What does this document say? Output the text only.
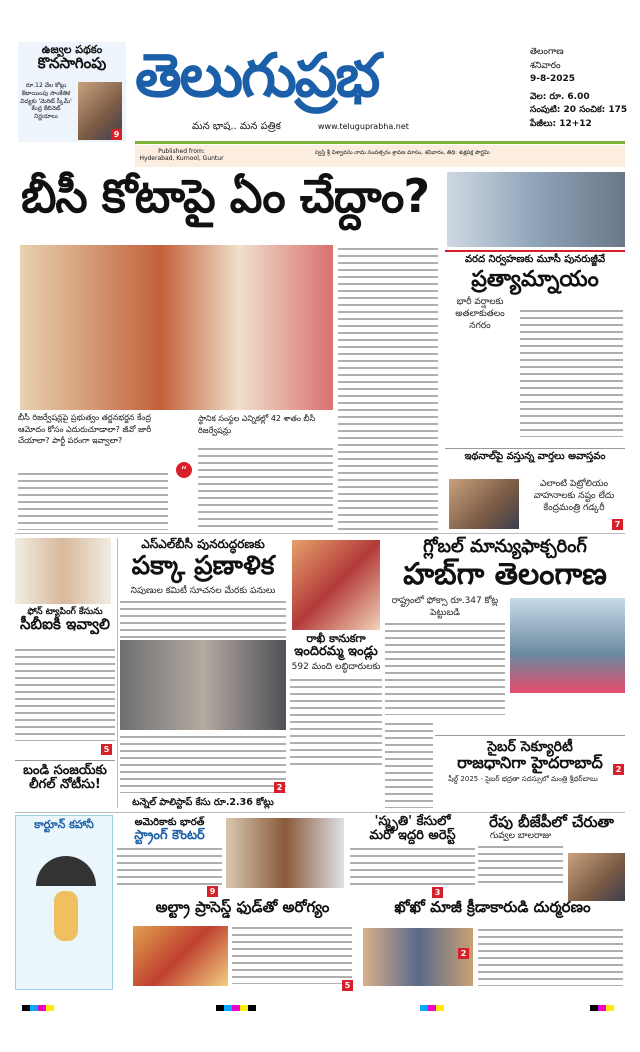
ఉజ్వల పథకం
కొనసాగింపు
రూ.12 వేల కోట్లు కేటాయింపు సాంకేతిక విద్యకు 'మెరిట్ స్కీమ్' కేంద్ర కేబినెట్ నిర్ణయాలు
9
తెలుగుప్రభ
మన భాష.. మన పత్రిక	www.teluguprabha.net
తెలంగాణ
శనివారం
9-8-2025
వెల: రూ. 6.00
సంపుటి: 20 సంచిక: 175
పేజీలు: 12+12
Published from:
Hyderabad, Kurnool, Guntur
స్వస్తి శ్రీ విశ్వావసు నామ సంవత్సరం శ్రావణ మాసం, శనివారం, తిథి: శుక్లపక్ష పౌర్ణమి
బీసీ కోటాపై ఏం చేద్దాం?
బీసీ రిజర్వేషన్లపై ప్రభుత్వం తర్జనభర్జన కేంద్ర ఆమోదం కోసం ఎదురుచూడాలా? జీవో జారీ చేయాలా? పార్టీ పరంగా ఇవ్వాలా?
“
స్థానిక సంస్థల ఎన్నికల్లో 42 శాతం బీసీ రిజర్వేషన్లు
వరద నిర్వహణకు మూసీ పునరుజ్జీవే
ప్రత్యామ్నాయం
భారీ వర్షాలకు అతలాకుతలం నగరం
ఇథనాల్‌పై వస్తున్న వార్తలు అవాస్తవం
ఎలాంటి పెట్రోలియం వాహనాలకు నష్టం లేదు కేంద్రమంత్రి గడ్కరీ
7
ఫోన్ ట్యాపింగ్ కేసును
సీబీఐకి ఇవ్వాలి
5
బండి సంజయ్‌కు లీగల్ నోటీసు!
ఎస్ఎల్‌బీసీ పునరుద్ధరణకు
పక్కా ప్రణాళిక
నిపుణుల కమిటీ సూచనల మేరకు పనులు
టన్నెల్ పాలిస్టాప్ కేసు రూ.2.36 కోట్లు
2
రాఖీ కానుకగా
ఇందిరమ్మ ఇండ్లు
592 మంది లబ్ధిదారులకు
గ్లోబల్ మాన్యుఫాక్చరింగ్
హబ్‌గా తెలంగాణ
రాష్ట్రంలో ఫోక్సా రూ.347 కోట్ల పెట్టుబడి
సైబర్ సెక్యూరిటీ
రాజధానిగా హైదరాబాద్
షీల్డ్ 2025 - సైబర్ భద్రతా సదస్సులో మంత్రి శ్రీధర్‌బాబు
2
కార్టూన్ కహానీ	అమెరికాకు భారత్
స్ట్రాంగ్ కౌంటర్
9
'స్మృతి' కేసులో
మరో ఇద్దరి అరెస్ట్
3
రేపు బీజేపీలో చేరుతా
గువ్వల బాలరాజు
అల్ట్రా ప్రాసెస్డ్ ఫుడ్‌తో అరోగ్యం
5
ఖోఖో మాజీ క్రీడాకారుడి దుర్మరణం
2
